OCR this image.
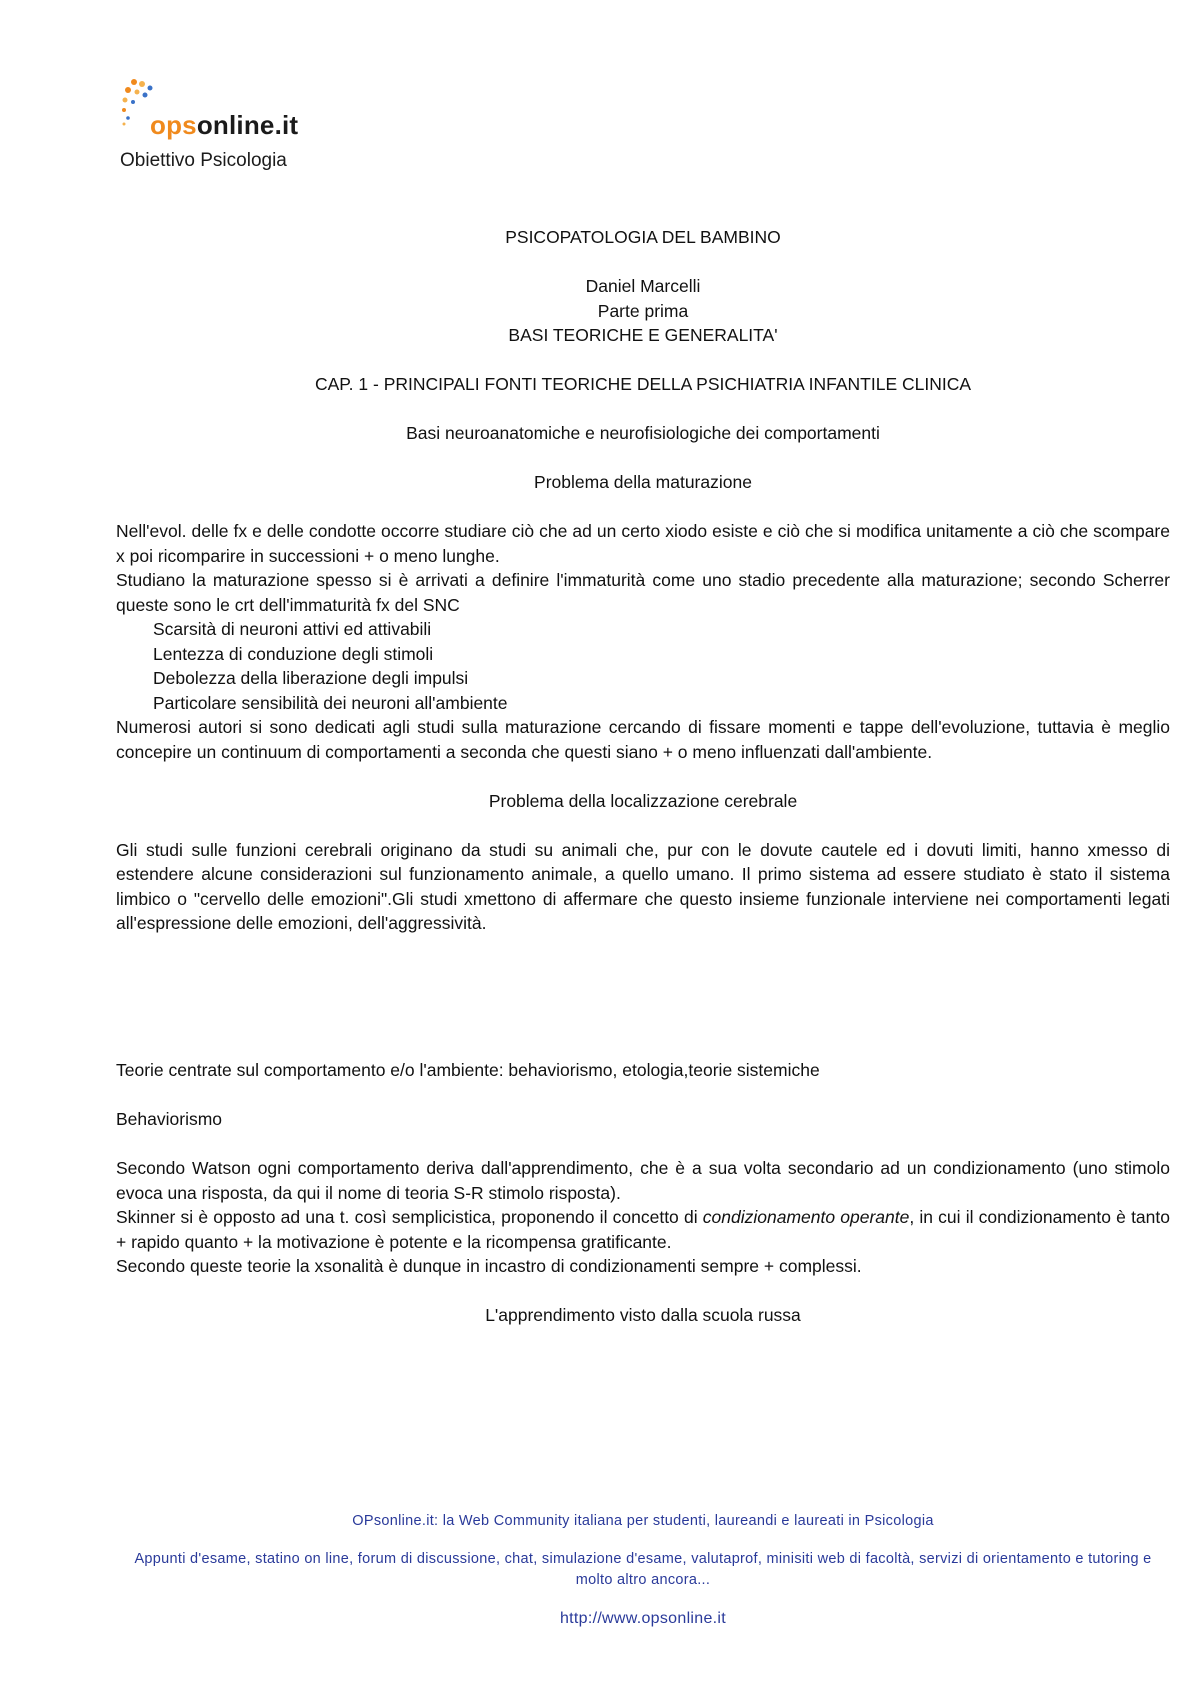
opsonline.it
Obiettivo Psicologia
PSICOPATOLOGIA DEL BAMBINO
Daniel Marcelli
Parte prima
BASI TEORICHE E GENERALITA'
CAP. 1 - PRINCIPALI FONTI TEORICHE DELLA PSICHIATRIA INFANTILE CLINICA
Basi neuroanatomiche e neurofisiologiche dei comportamenti
Problema della maturazione
Nell'evol. delle fx e delle condotte occorre studiare ciò che ad un certo xiodo esiste e ciò che si modifica unitamente a ciò che scompare x poi ricomparire in successioni + o meno lunghe.
Studiano la maturazione spesso si è arrivati a definire l'immaturità come uno stadio precedente alla maturazione; secondo Scherrer queste sono le crt dell'immaturità fx del SNC
Scarsità di neuroni attivi ed attivabili
Lentezza di conduzione degli stimoli
Debolezza della liberazione degli impulsi
Particolare sensibilità dei neuroni all'ambiente
Numerosi autori si sono dedicati agli studi sulla maturazione cercando di fissare momenti e tappe dell'evoluzione, tuttavia è meglio concepire un continuum di comportamenti a seconda che questi siano + o meno influenzati dall'ambiente.
Problema della localizzazione cerebrale
Gli studi sulle funzioni cerebrali originano da studi su animali che, pur con le dovute cautele ed i dovuti limiti, hanno xmesso di estendere alcune considerazioni sul funzionamento animale, a quello umano. Il primo sistema ad essere studiato è stato il sistema limbico o "cervello delle emozioni".Gli studi xmettono di affermare che questo insieme funzionale interviene nei comportamenti legati all'espressione delle emozioni, dell'aggressività.
Teorie centrate sul comportamento e/o l'ambiente: behaviorismo, etologia,teorie sistemiche
Behaviorismo
Secondo Watson ogni comportamento deriva dall'apprendimento, che è a sua volta secondario ad un condizionamento (uno stimolo evoca una risposta, da qui il nome di teoria S-R stimolo risposta).
Skinner si è opposto ad una t. così semplicistica, proponendo il concetto di condizionamento operante, in cui il condizionamento è tanto + rapido quanto + la motivazione è potente e la ricompensa gratificante.
Secondo queste teorie la xsonalità è dunque in incastro di condizionamenti sempre + complessi.
L'apprendimento visto dalla scuola russa

OPsonline.it: la Web Community italiana per studenti, laureandi e laureati in Psicologia

Appunti d'esame, statino on line, forum di discussione, chat, simulazione d'esame, valutaprof, minisiti web di facoltà, servizi di orientamento e tutoring e molto altro ancora...

http://www.opsonline.it
